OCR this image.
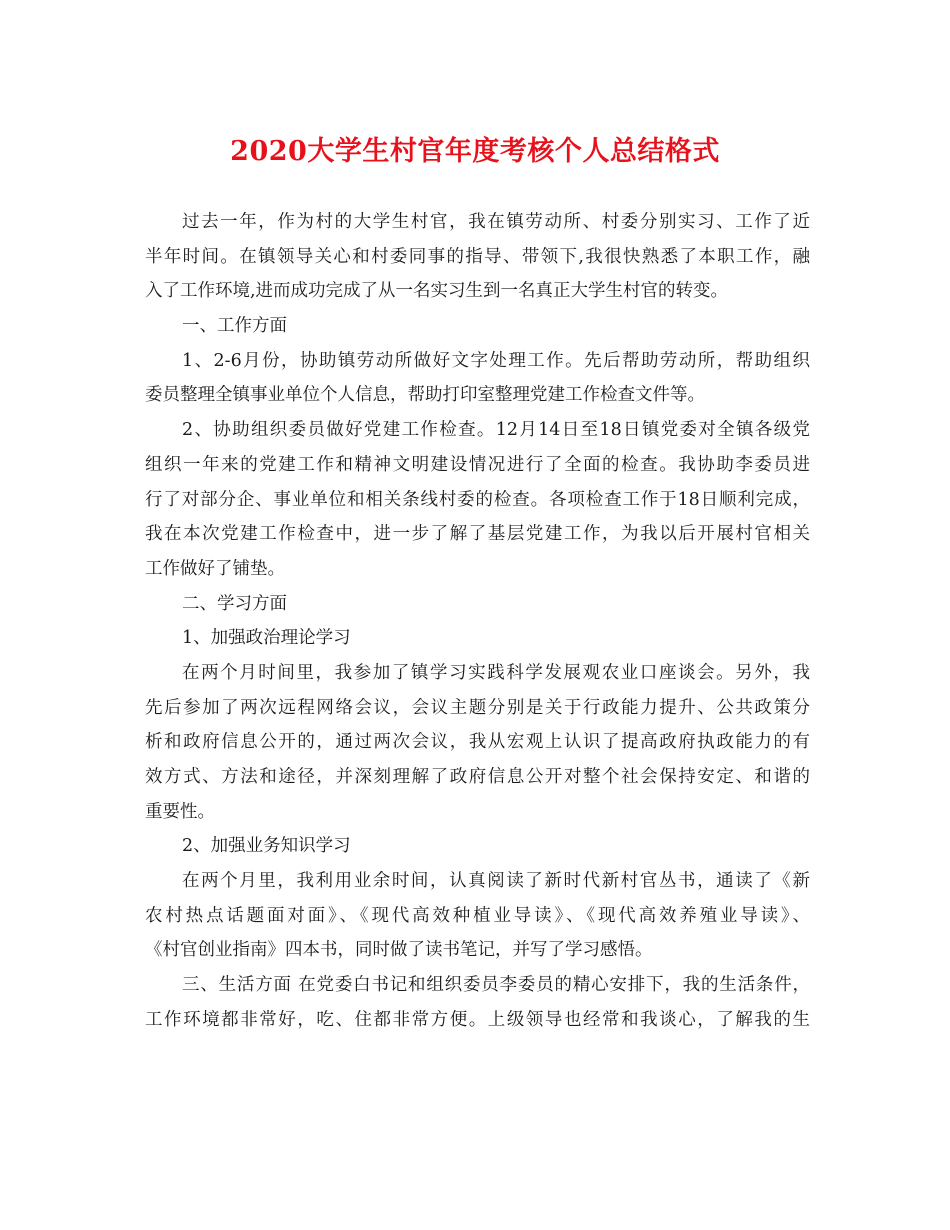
2020大学生村官年度考核个人总结格式
过去一年，作为村的大学生村官，我在镇劳动所、村委分别实习、工作了近
半年时间。在镇领导关心和村委同事的指导、带领下,我很快熟悉了本职工作，融
入了工作环境,进而成功完成了从一名实习生到一名真正大学生村官的转变。
一、工作方面
1、2-6月份，协助镇劳动所做好文字处理工作。先后帮助劳动所，帮助组织
委员整理全镇事业单位个人信息，帮助打印室整理党建工作检查文件等。
2、协助组织委员做好党建工作检查。12月14日至18日镇党委对全镇各级党
组织一年来的党建工作和精神文明建设情况进行了全面的检查。我协助李委员进
行了对部分企、事业单位和相关条线村委的检查。各项检查工作于18日顺利完成，
我在本次党建工作检查中，进一步了解了基层党建工作，为我以后开展村官相关
工作做好了铺垫。
二、学习方面
1、加强政治理论学习
在两个月时间里，我参加了镇学习实践科学发展观农业口座谈会。另外，我
先后参加了两次远程网络会议，会议主题分别是关于行政能力提升、公共政策分
析和政府信息公开的，通过两次会议，我从宏观上认识了提高政府执政能力的有
效方式、方法和途径，并深刻理解了政府信息公开对整个社会保持安定、和谐的
重要性。
2、加强业务知识学习
在两个月里，我利用业余时间，认真阅读了新时代新村官丛书，通读了《新
农村热点话题面对面》、《现代高效种植业导读》、《现代高效养殖业导读》、
《村官创业指南》四本书，同时做了读书笔记，并写了学习感悟。
三、生活方面 在党委白书记和组织委员李委员的精心安排下，我的生活条件，
工作环境都非常好，吃、住都非常方便。上级领导也经常和我谈心，了解我的生
